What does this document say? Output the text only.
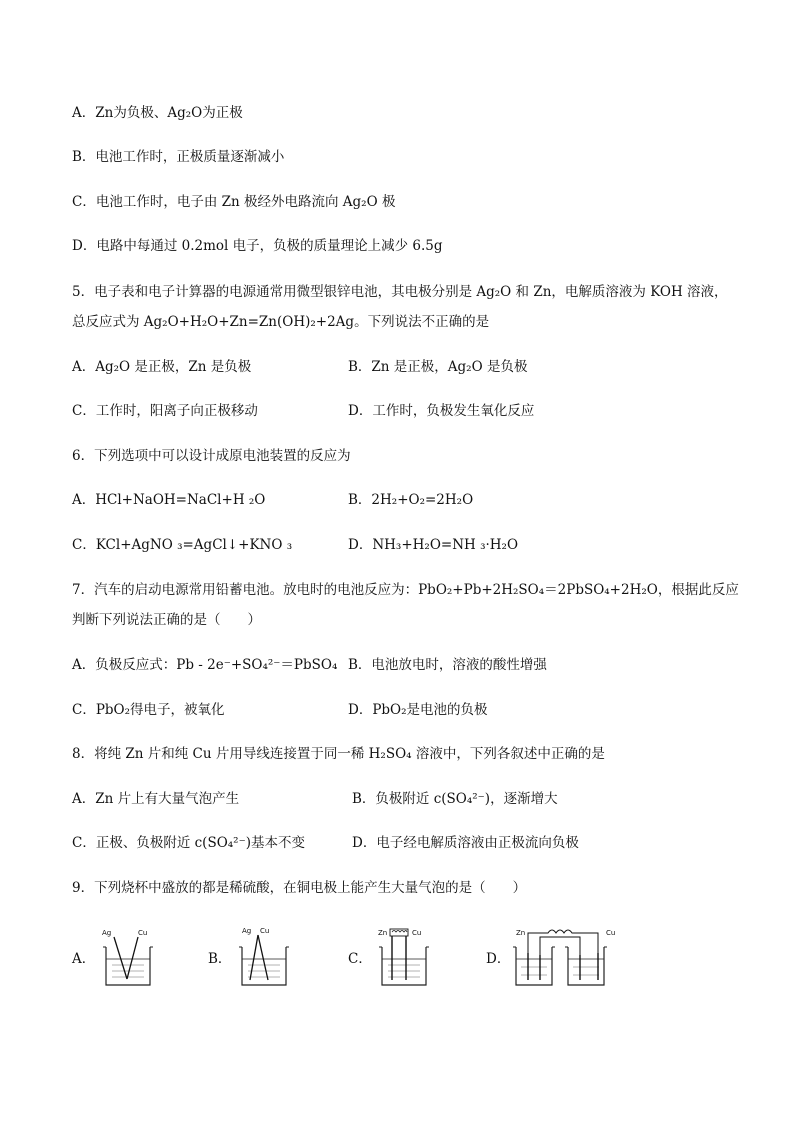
A．Zn为负极、Ag₂O为正极
B．电池工作时，正极质量逐渐减小
C．电池工作时，电子由 Zn 极经外电路流向 Ag₂O 极
D．电路中每通过 0.2mol 电子，负极的质量理论上减少 6.5g
5．电子表和电子计算器的电源通常用微型银锌电池，其电极分别是 Ag₂O 和 Zn，电解质溶液为 KOH 溶液，
总反应式为 Ag₂O+H₂O+Zn=Zn(OH)₂+2Ag。下列说法不正确的是
A．Ag₂O 是正极，Zn 是负极	B．Zn 是正极，Ag₂O 是负极
C．工作时，阳离子向正极移动	D．工作时，负极发生氧化反应
6．下列选项中可以设计成原电池装置的反应为
A．HCl+NaOH=NaCl+H ₂O	B．2H₂+O₂=2H₂O
C．KCl+AgNO ₃=AgCl↓+KNO ₃	D．NH₃+H₂O=NH ₃·H₂O
7．汽车的启动电源常用铅蓄电池。放电时的电池反应为：PbO₂+Pb+2H₂SO₄＝2PbSO₄+2H₂O，根据此反应
判断下列说法正确的是（　　）
A．负极反应式：Pb - 2e⁻+SO₄²⁻＝PbSO₄ B．电池放电时，溶液的酸性增强
C．PbO₂得电子，被氧化	D．PbO₂是电池的负极
8．将纯 Zn 片和纯 Cu 片用导线连接置于同一稀 H₂SO₄ 溶液中，下列各叙述中正确的是
A．Zn 片上有大量气泡产生	B．负极附近 c(SO₄²⁻)，逐渐增大
C．正极、负极附近 c(SO₄²⁻)基本不变	D．电子经电解质溶液由正极流向负极
9．下列烧杯中盛放的都是稀硫酸，在铜电极上能产生大量气泡的是（　　）
A．
Ag	Cu
B．
Ag Cu
C．
Zn	Cu
D．
Zn	Cu
